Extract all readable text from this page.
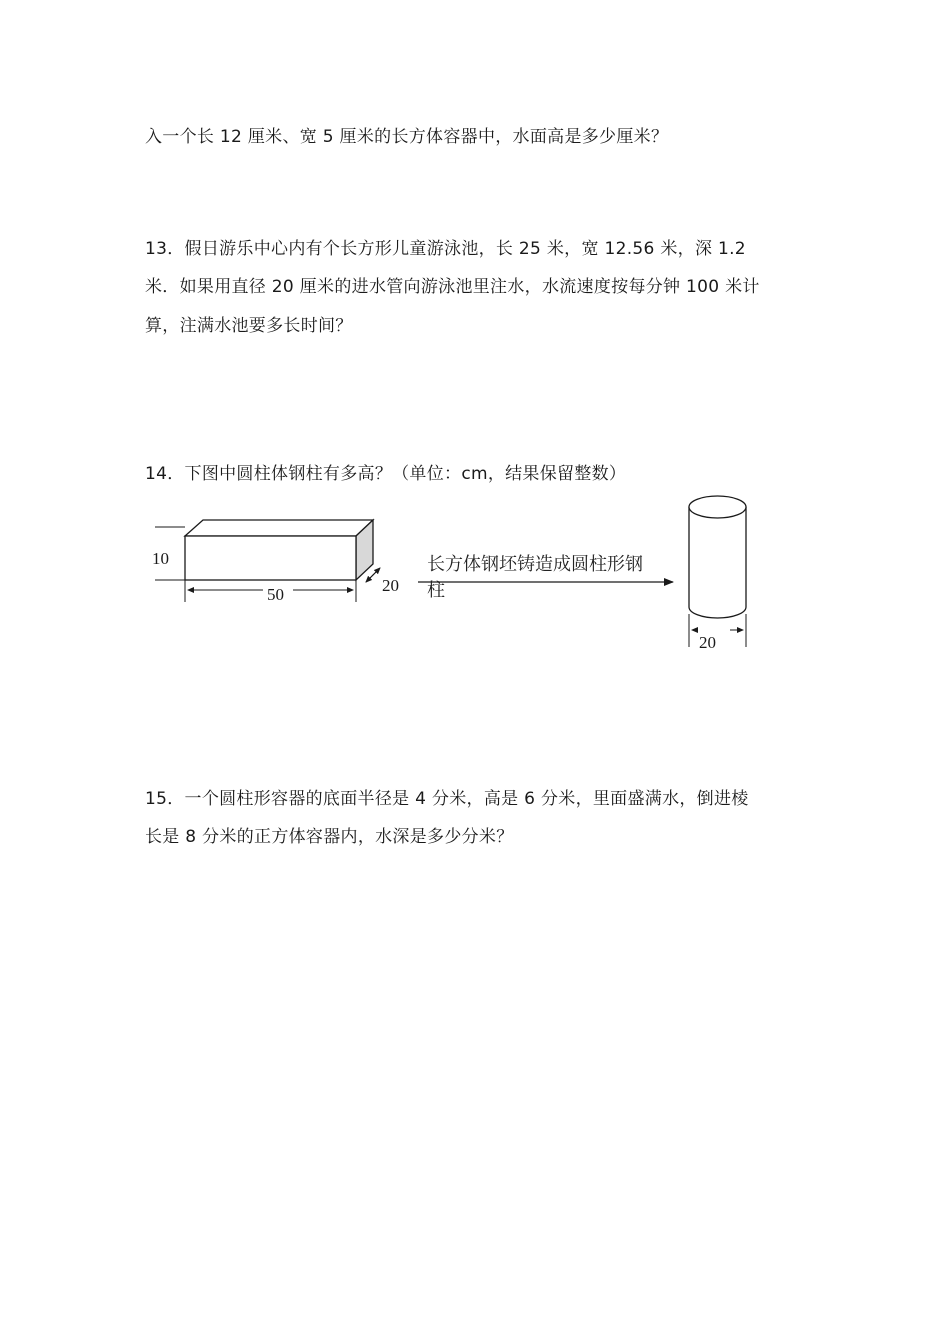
入一个长 12 厘米、宽 5 厘米的长方体容器中，水面高是多少厘米？
13．假日游乐中心内有个长方形儿童游泳池，长 25 米，宽 12.56 米，深 1.2
米．如果用直径 20 厘米的进水管向游泳池里注水，水流速度按每分钟 100 米计
算，注满水池要多长时间？
14．下图中圆柱体钢柱有多高？（单位：cm，结果保留整数）
10
50	20
长方体钢坯铸造成圆柱形钢
柱
20
15．一个圆柱形容器的底面半径是 4 分米，高是 6 分米，里面盛满水，倒进棱
长是 8 分米的正方体容器内，水深是多少分米？
